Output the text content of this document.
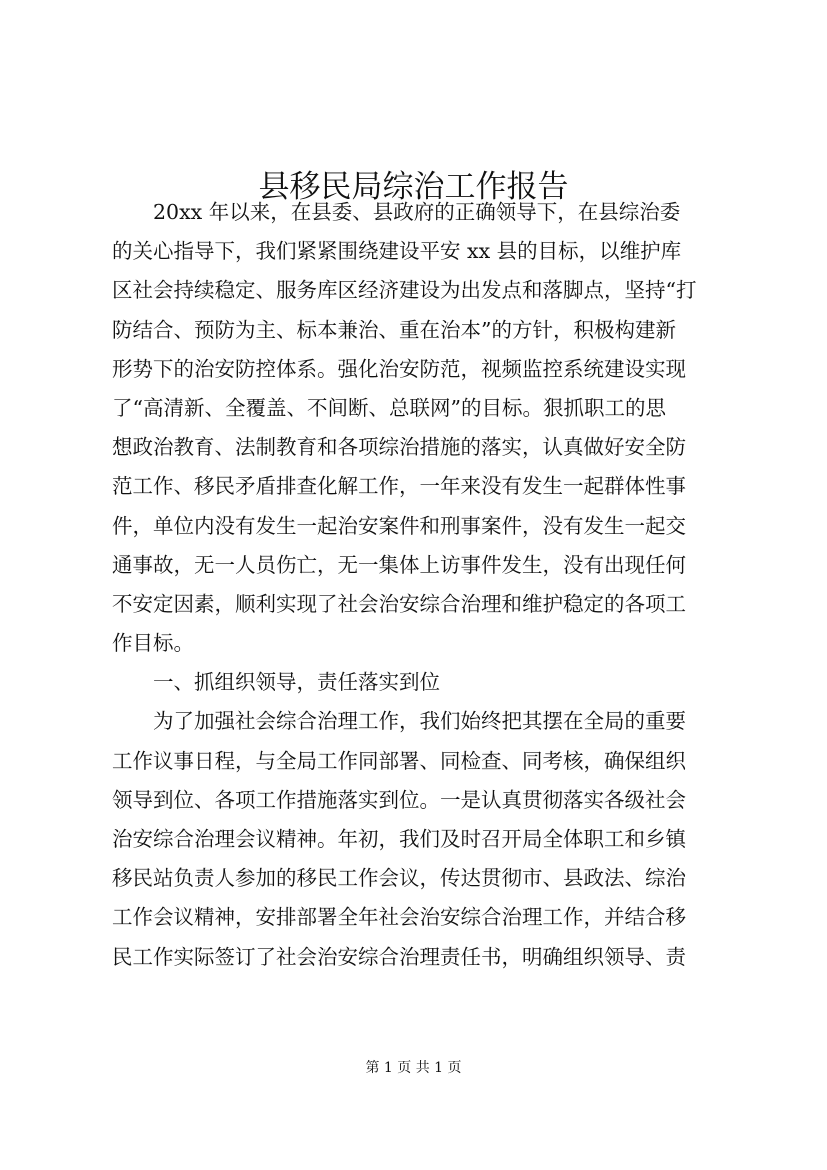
县移民局综治工作报告
20xx 年以来，在县委、县政府的正确领导下，在县综治委
的关心指导下，我们紧紧围绕建设平安 xx 县的目标，以维护库
区社会持续稳定、服务库区经济建设为出发点和落脚点，坚持“打
防结合、预防为主、标本兼治、重在治本”的方针，积极构建新
形势下的治安防控体系。强化治安防范，视频监控系统建设实现
了“高清新、全覆盖、不间断、总联网”的目标。狠抓职工的思
想政治教育、法制教育和各项综治措施的落实，认真做好安全防
范工作、移民矛盾排查化解工作，一年来没有发生一起群体性事
件，单位内没有发生一起治安案件和刑事案件，没有发生一起交
通事故，无一人员伤亡，无一集体上访事件发生，没有出现任何
不安定因素，顺利实现了社会治安综合治理和维护稳定的各项工
作目标。
一、抓组织领导，责任落实到位
为了加强社会综合治理工作，我们始终把其摆在全局的重要
工作议事日程，与全局工作同部署、同检查、同考核，确保组织
领导到位、各项工作措施落实到位。一是认真贯彻落实各级社会
治安综合治理会议精神。年初，我们及时召开局全体职工和乡镇
移民站负责人参加的移民工作会议，传达贯彻市、县政法、综治
工作会议精神，安排部署全年社会治安综合治理工作，并结合移
民工作实际签订了社会治安综合治理责任书，明确组织领导、责
第 1 页 共 1 页
